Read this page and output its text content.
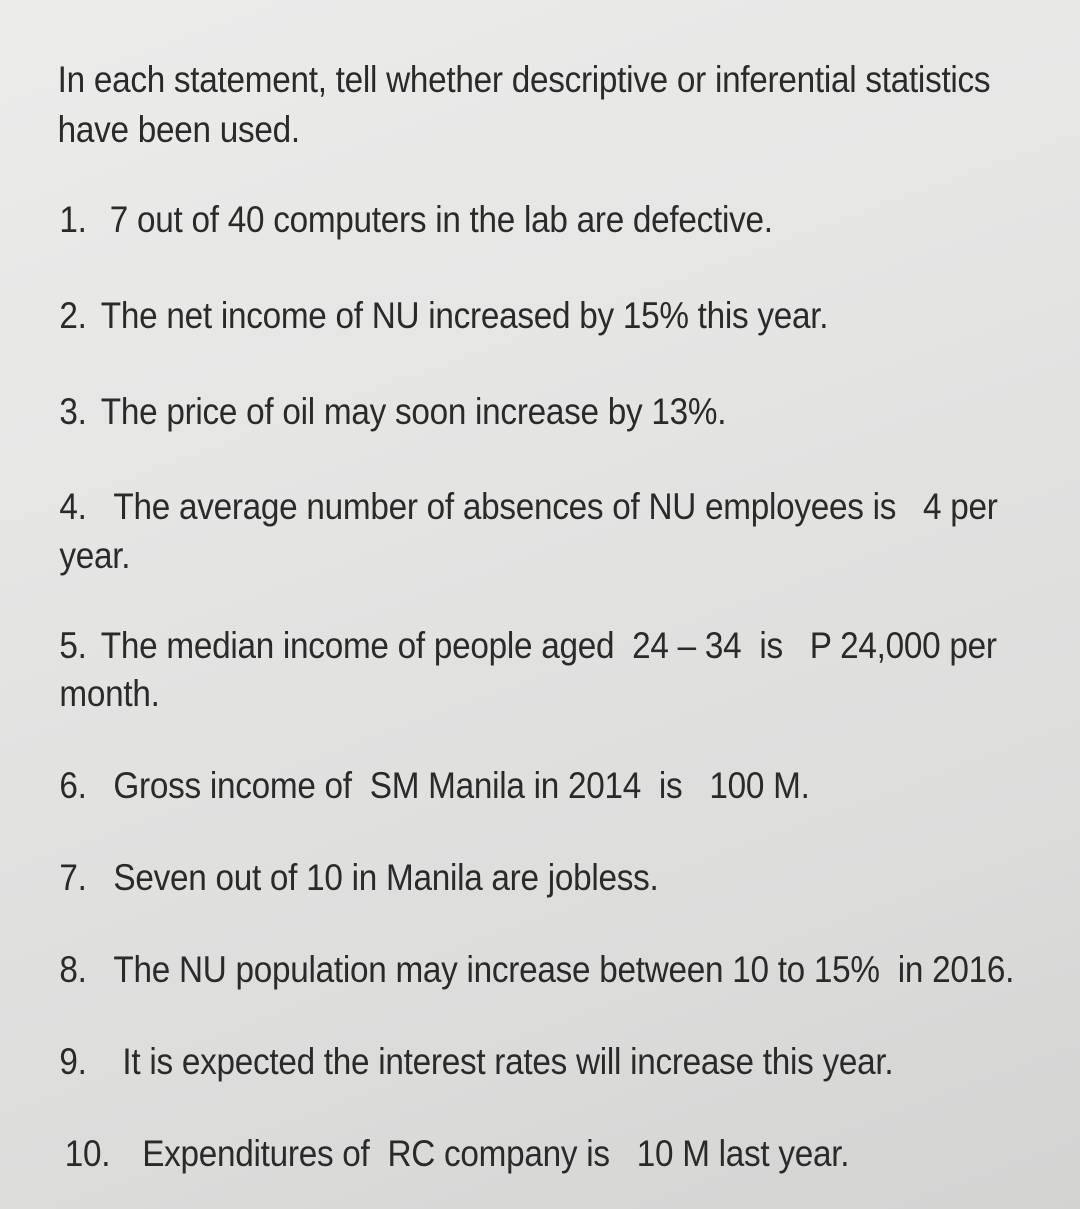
In each statement, tell whether descriptive or inferential statistics
have been used.
1. 7 out of 40 computers in the lab are defective.
2. The net income of NU increased by 15% this year.
3. The price of oil may soon increase by 13%.
4. The average number of absences of NU employees is   4 per
year.
5. The median income of people aged  24 – 34  is   P 24,000 per
month.
6. Gross income of  SM Manila in 2014  is   100 M.
7. Seven out of 10 in Manila are jobless.
8. The NU population may increase between 10 to 15%  in 2016.
9. It is expected the interest rates will increase this year.
10. Expenditures of  RC company is   10 M last year.
